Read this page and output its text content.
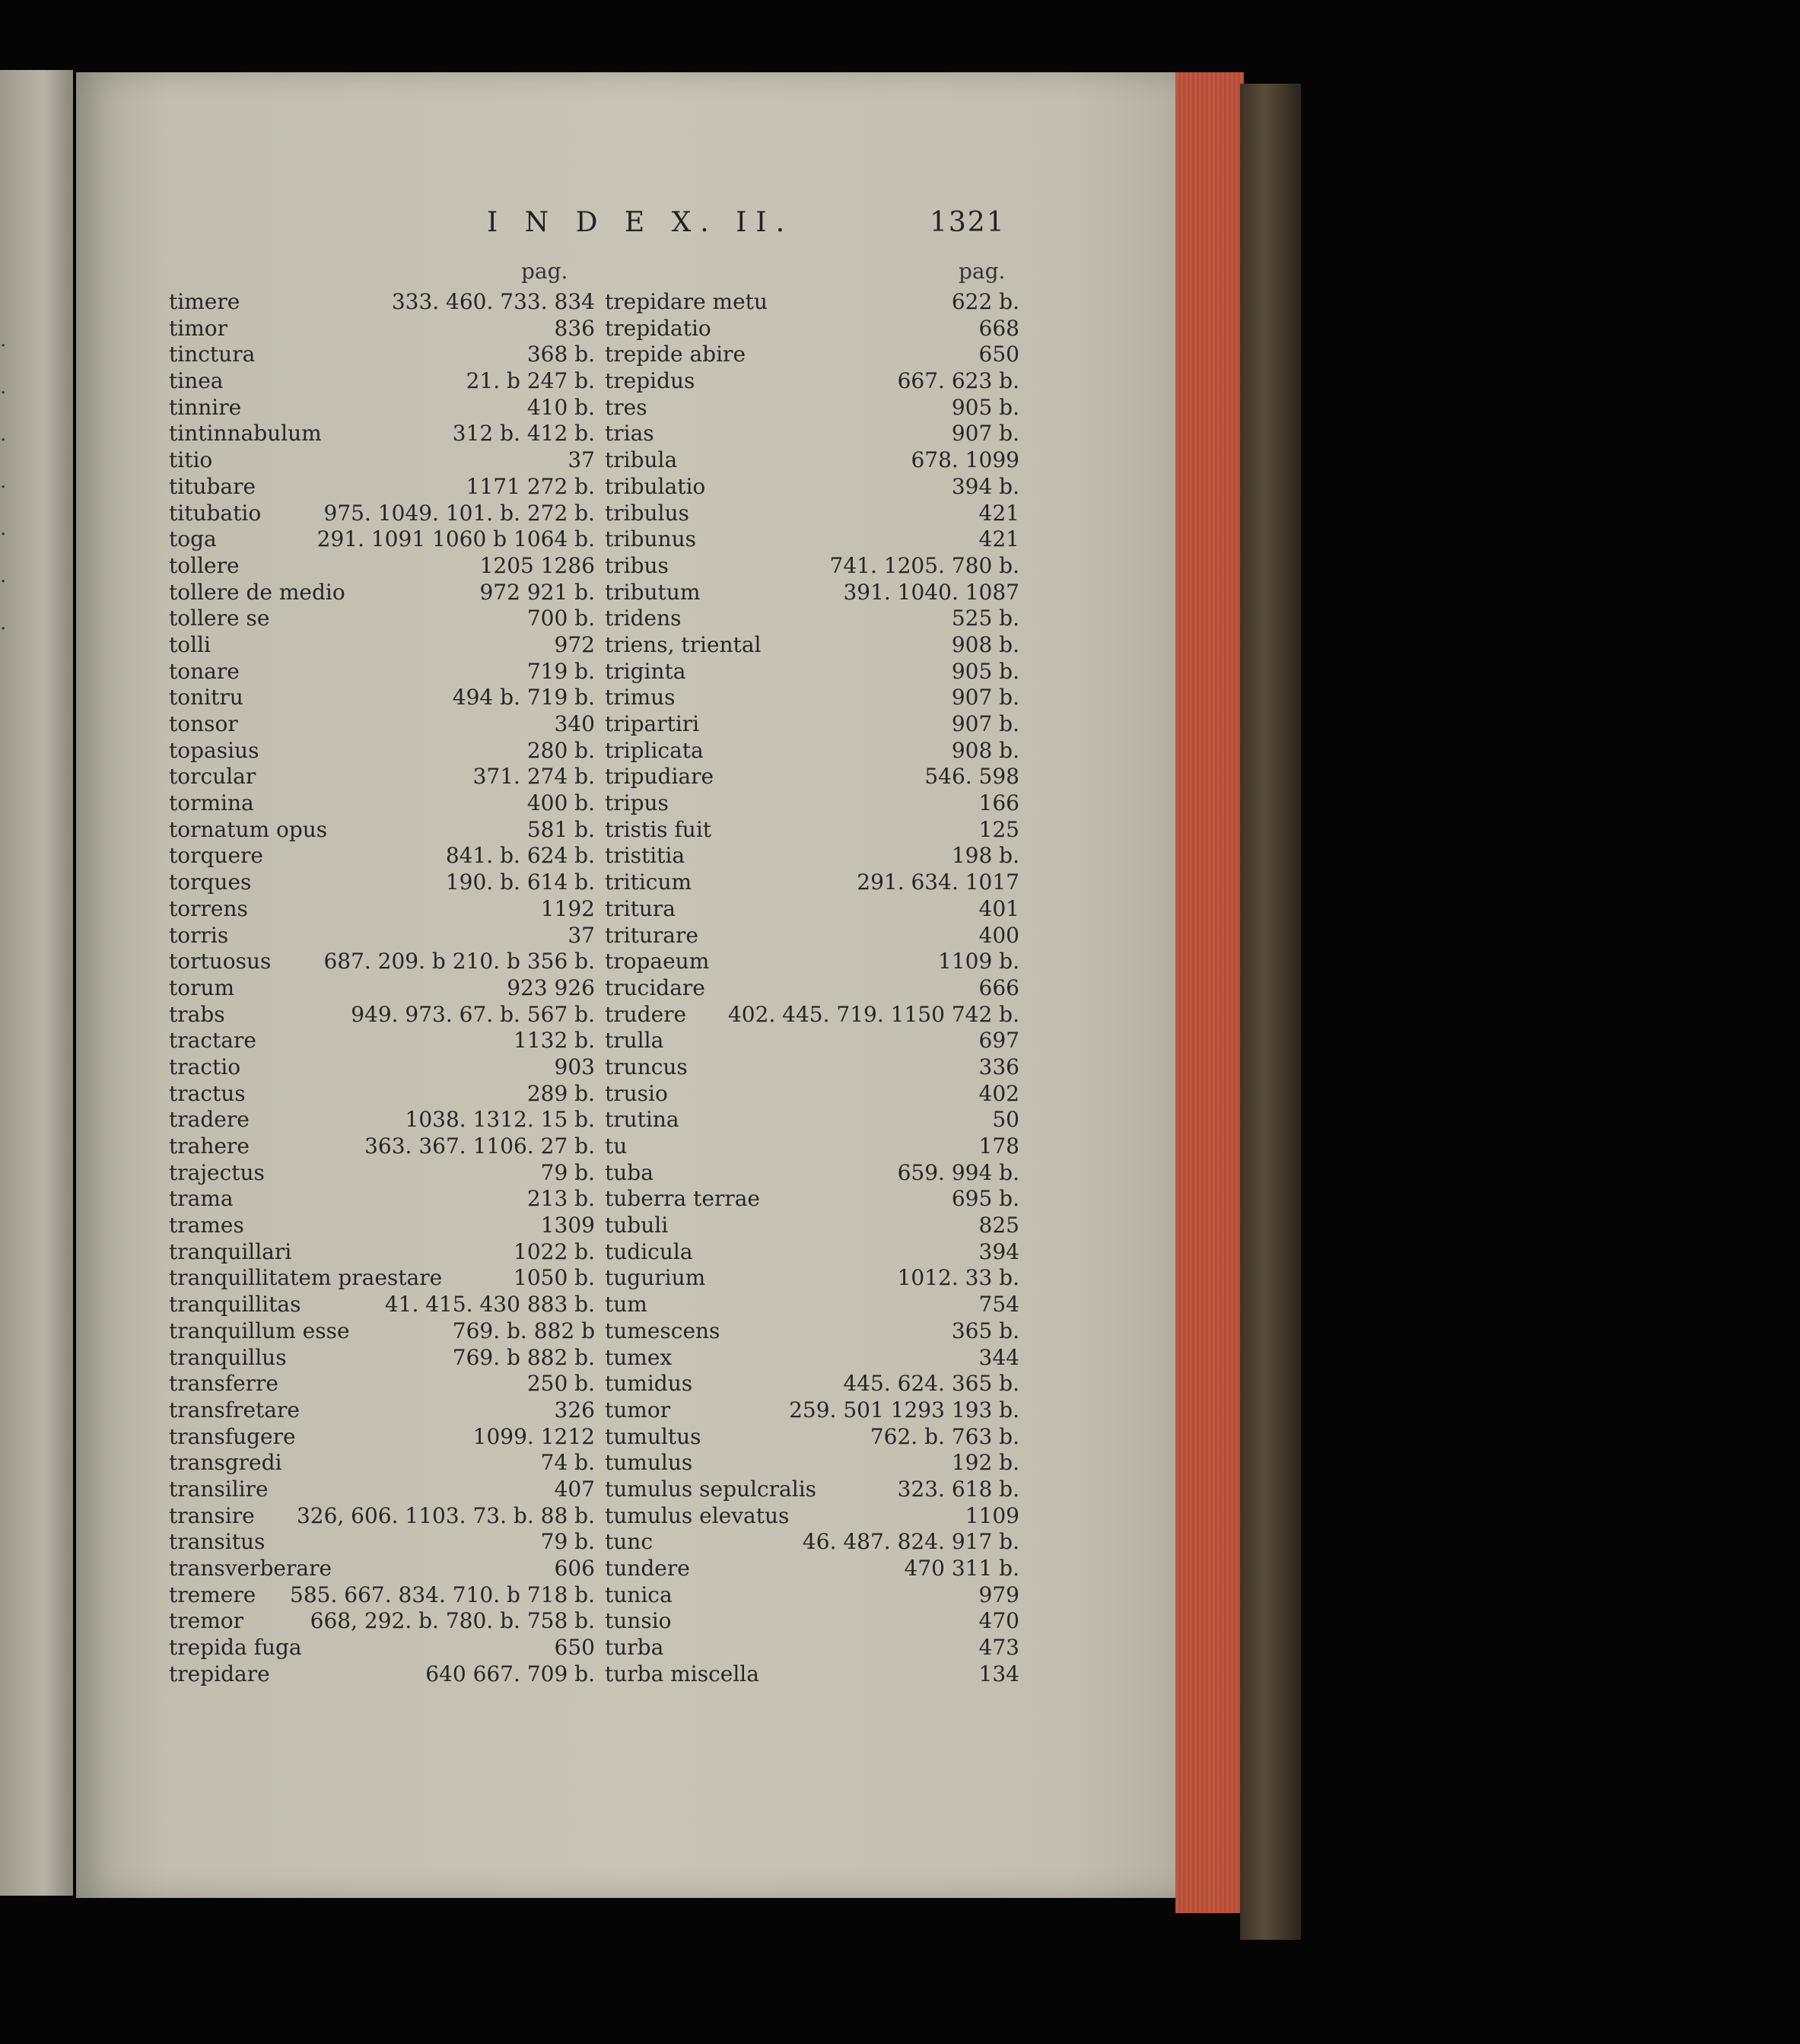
.
.
.
.
.
.
.
I N D E X. II.	1321
pag.	pag.
timere	333. 460. 733. 834
timor	836
tinctura	368 b.
tinea	21. b 247 b.
tinnire	410 b.
tintinnabulum	312 b. 412 b.
titio	37
titubare	1171 272 b.
titubatio	975. 1049. 101. b. 272 b.
toga	291. 1091 1060 b 1064 b.
tollere	1205 1286
tollere de medio	972 921 b.
tollere se	700 b.
tolli	972
tonare	719 b.
tonitru	494 b. 719 b.
tonsor	340
topasius	280 b.
torcular	371. 274 b.
tormina	400 b.
tornatum opus	581 b.
torquere	841. b. 624 b.
torques	190. b. 614 b.
torrens	1192
torris	37
tortuosus 687. 209. b 210. b 356 b.
torum	923 926
trabs	949. 973. 67. b. 567 b.
tractare	1132 b.
tractio	903
tractus	289 b.
tradere	1038. 1312. 15 b.
trahere	363. 367. 1106. 27 b.
trajectus	79 b.
trama	213 b.
trames	1309
tranquillari	1022 b.
tranquillitatem praestare	1050 b.
tranquillitas	41. 415. 430 883 b.
tranquillum esse	769. b. 882 b
tranquillus	769. b 882 b.
transferre	250 b.
transfretare	326
transfugere	1099. 1212
transgredi	74 b.
transilire	407
transire 326, 606. 1103. 73. b. 88 b.
transitus	79 b.
transverberare	606
tremere 585. 667. 834. 710. b 718 b.
tremor	668, 292. b. 780. b. 758 b.
trepida fuga	650
trepidare	640 667. 709 b.
trepidare metu	622 b.
trepidatio	668
trepide abire	650
trepidus	667. 623 b.
tres	905 b.
trias	907 b.
tribula	678. 1099
tribulatio	394 b.
tribulus	421
tribunus	421
tribus	741. 1205. 780 b.
tributum	391. 1040. 1087
tridens	525 b.
triens, triental	908 b.
triginta	905 b.
trimus	907 b.
tripartiri	907 b.
triplicata	908 b.
tripudiare	546. 598
tripus	166
tristis fuit	125
tristitia	198 b.
triticum	291. 634. 1017
tritura	401
triturare	400
tropaeum	1109 b.
trucidare	666
trudere 402. 445. 719. 1150 742 b.
trulla	697
truncus	336
trusio	402
trutina	50
tu	178
tuba	659. 994 b.
tuberra terrae	695 b.
tubuli	825
tudicula	394
tugurium	1012. 33 b.
tum	754
tumescens	365 b.
tumex	344
tumidus	445. 624. 365 b.
tumor	259. 501 1293 193 b.
tumultus	762. b. 763 b.
tumulus	192 b.
tumulus sepulcralis	323. 618 b.
tumulus elevatus	1109
tunc	46. 487. 824. 917 b.
tundere	470 311 b.
tunica	979
tunsio	470
turba	473
turba miscella	134
